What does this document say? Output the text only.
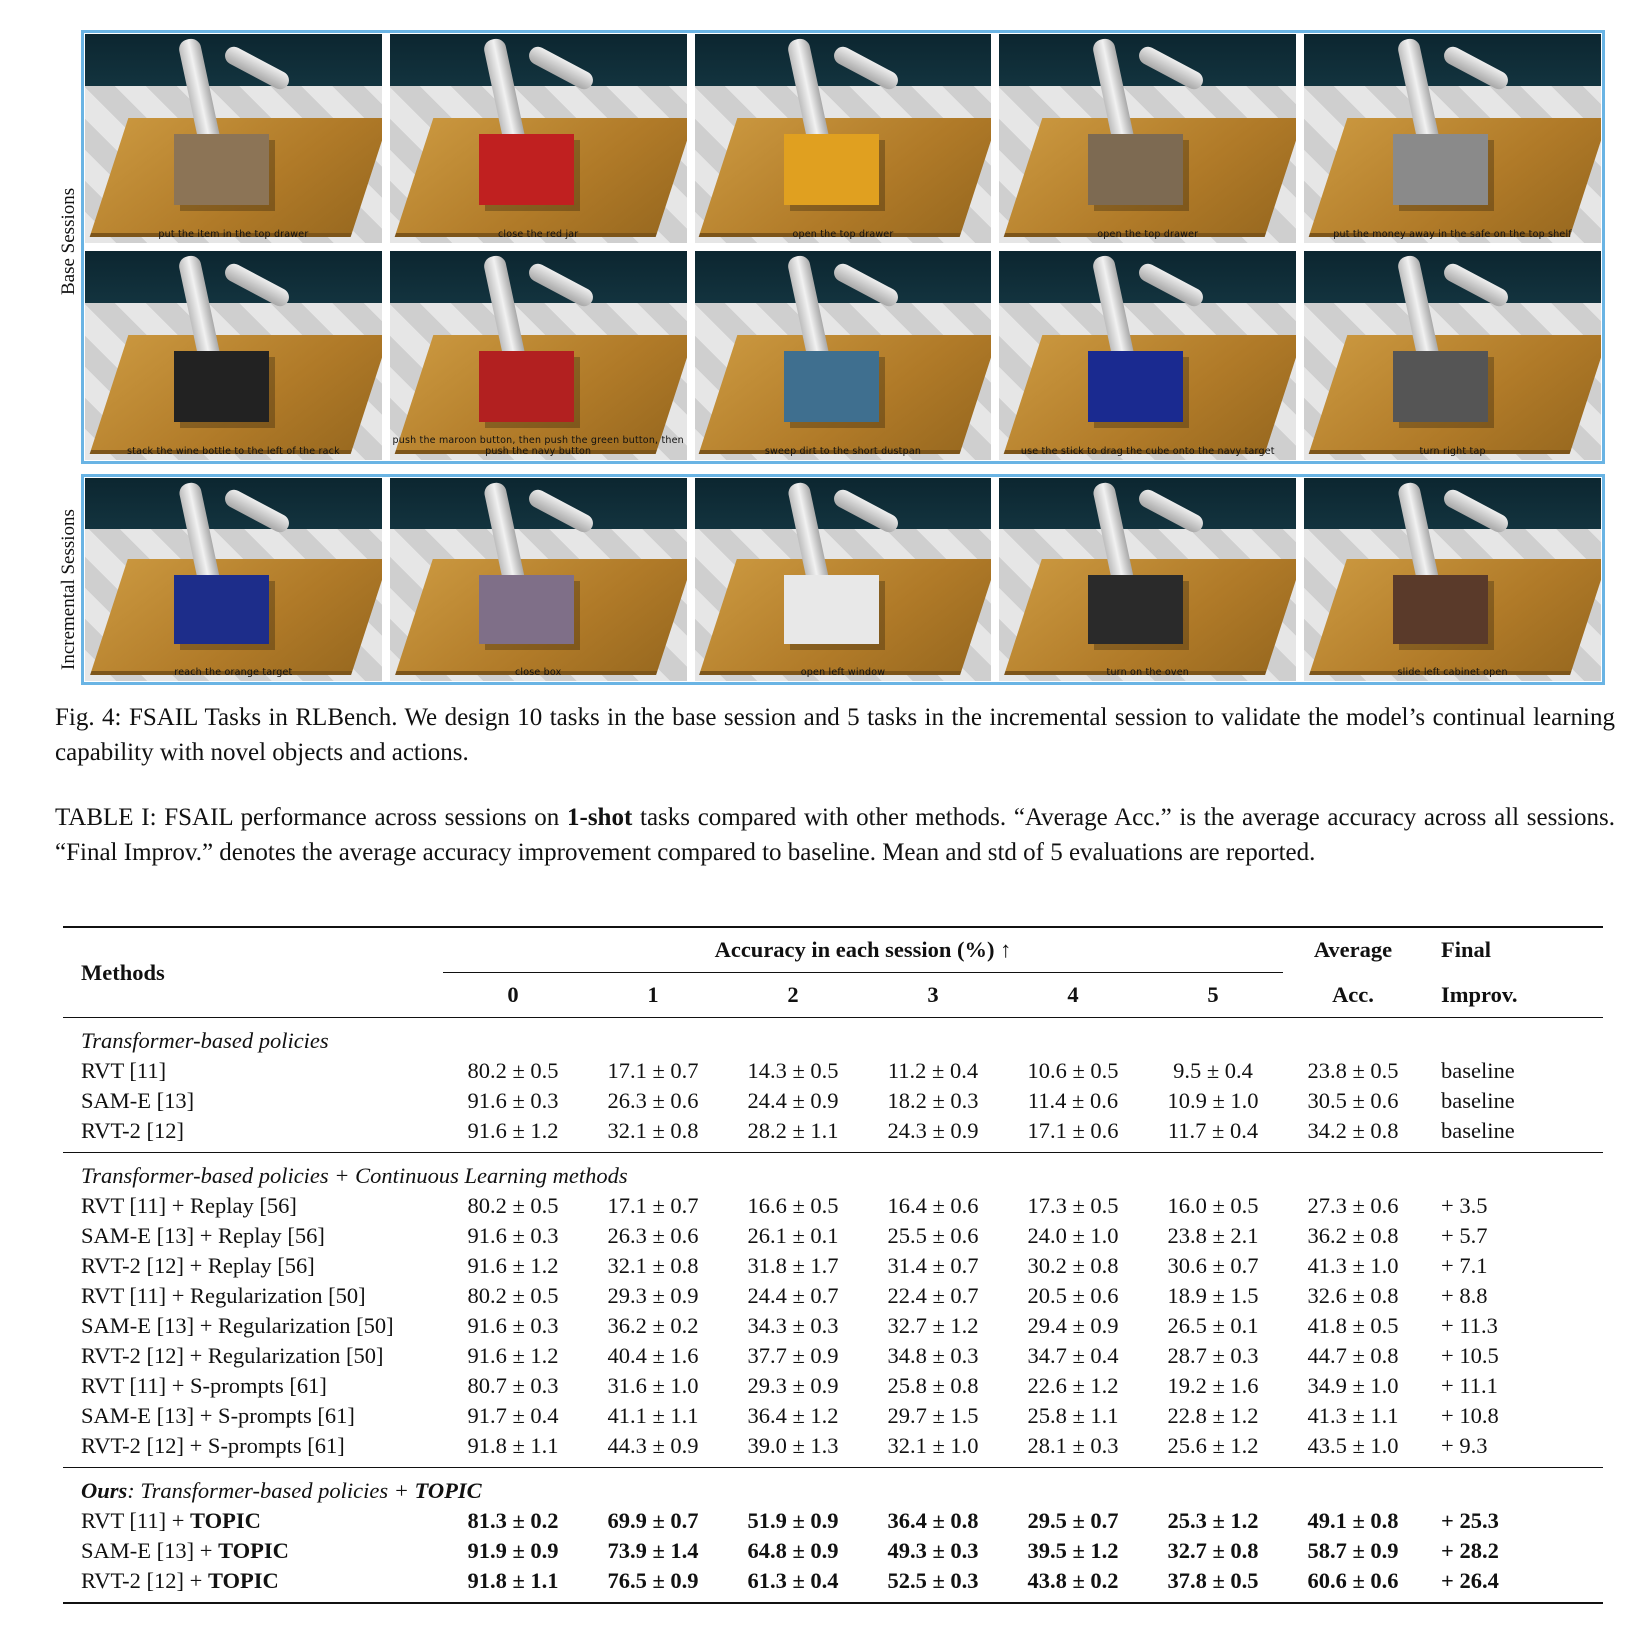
Base Sessions
Incremental Sessions
put the item in the top drawer	close the red jar	open the top drawer	open the top drawer	put the money away in the safe on the top shelf
stack the wine bottle to the left of the rack
push the maroon button, then push the green button, then push the navy button	sweep dirt to the short dustpan	use the stick to drag the cube onto the navy target	turn right tap
reach the orange target	close box	open left window	turn on the oven	slide left cabinet open
Fig. 4: FSAIL Tasks in RLBench. We design 10 tasks in the base session and 5 tasks in the incremental session to validate the model’s continual learning capability with novel objects and actions.
TABLE I: FSAIL performance across sessions on 1-shot tasks compared with other methods. “Average Acc.” is the average accuracy across all sessions. “Final Improv.” denotes the average accuracy improvement compared to baseline. Mean and std of 5 evaluations are reported.
Methods	Accuracy in each session (%) ↑						Average	Final
	0	1	2	3	4	5	Acc.	Improv.
Transformer-based policies								
RVT [11]	80.2 ± 0.5	17.1 ± 0.7	14.3 ± 0.5	11.2 ± 0.4	10.6 ± 0.5	9.5 ± 0.4	23.8 ± 0.5	baseline
SAM-E [13]	91.6 ± 0.3	26.3 ± 0.6	24.4 ± 0.9	18.2 ± 0.3	11.4 ± 0.6	10.9 ± 1.0	30.5 ± 0.6	baseline
RVT-2 [12]	91.6 ± 1.2	32.1 ± 0.8	28.2 ± 1.1	24.3 ± 0.9	17.1 ± 0.6	11.7 ± 0.4	34.2 ± 0.8	baseline
Transformer-based policies + Continuous Learning methods								
RVT [11] + Replay [56]	80.2 ± 0.5	17.1 ± 0.7	16.6 ± 0.5	16.4 ± 0.6	17.3 ± 0.5	16.0 ± 0.5	27.3 ± 0.6	+ 3.5
SAM-E [13] + Replay [56]	91.6 ± 0.3	26.3 ± 0.6	26.1 ± 0.1	25.5 ± 0.6	24.0 ± 1.0	23.8 ± 2.1	36.2 ± 0.8	+ 5.7
RVT-2 [12] + Replay [56]	91.6 ± 1.2	32.1 ± 0.8	31.8 ± 1.7	31.4 ± 0.7	30.2 ± 0.8	30.6 ± 0.7	41.3 ± 1.0	+ 7.1
RVT [11] + Regularization [50]	80.2 ± 0.5	29.3 ± 0.9	24.4 ± 0.7	22.4 ± 0.7	20.5 ± 0.6	18.9 ± 1.5	32.6 ± 0.8	+ 8.8
SAM-E [13] + Regularization [50]	91.6 ± 0.3	36.2 ± 0.2	34.3 ± 0.3	32.7 ± 1.2	29.4 ± 0.9	26.5 ± 0.1	41.8 ± 0.5	+ 11.3
RVT-2 [12] + Regularization [50]	91.6 ± 1.2	40.4 ± 1.6	37.7 ± 0.9	34.8 ± 0.3	34.7 ± 0.4	28.7 ± 0.3	44.7 ± 0.8	+ 10.5
RVT [11] + S-prompts [61]	80.7 ± 0.3	31.6 ± 1.0	29.3 ± 0.9	25.8 ± 0.8	22.6 ± 1.2	19.2 ± 1.6	34.9 ± 1.0	+ 11.1
SAM-E [13] + S-prompts [61]	91.7 ± 0.4	41.1 ± 1.1	36.4 ± 1.2	29.7 ± 1.5	25.8 ± 1.1	22.8 ± 1.2	41.3 ± 1.1	+ 10.8
RVT-2 [12] + S-prompts [61]	91.8 ± 1.1	44.3 ± 0.9	39.0 ± 1.3	32.1 ± 1.0	28.1 ± 0.3	25.6 ± 1.2	43.5 ± 1.0	+ 9.3
Ours: Transformer-based policies + TOPIC								
RVT [11] + TOPIC	81.3 ± 0.2	69.9 ± 0.7	51.9 ± 0.9	36.4 ± 0.8	29.5 ± 0.7	25.3 ± 1.2	49.1 ± 0.8	+ 25.3
SAM-E [13] + TOPIC	91.9 ± 0.9	73.9 ± 1.4	64.8 ± 0.9	49.3 ± 0.3	39.5 ± 1.2	32.7 ± 0.8	58.7 ± 0.9	+ 28.2
RVT-2 [12] + TOPIC	91.8 ± 1.1	76.5 ± 0.9	61.3 ± 0.4	52.5 ± 0.3	43.8 ± 0.2	37.8 ± 0.5	60.6 ± 0.6	+ 26.4
